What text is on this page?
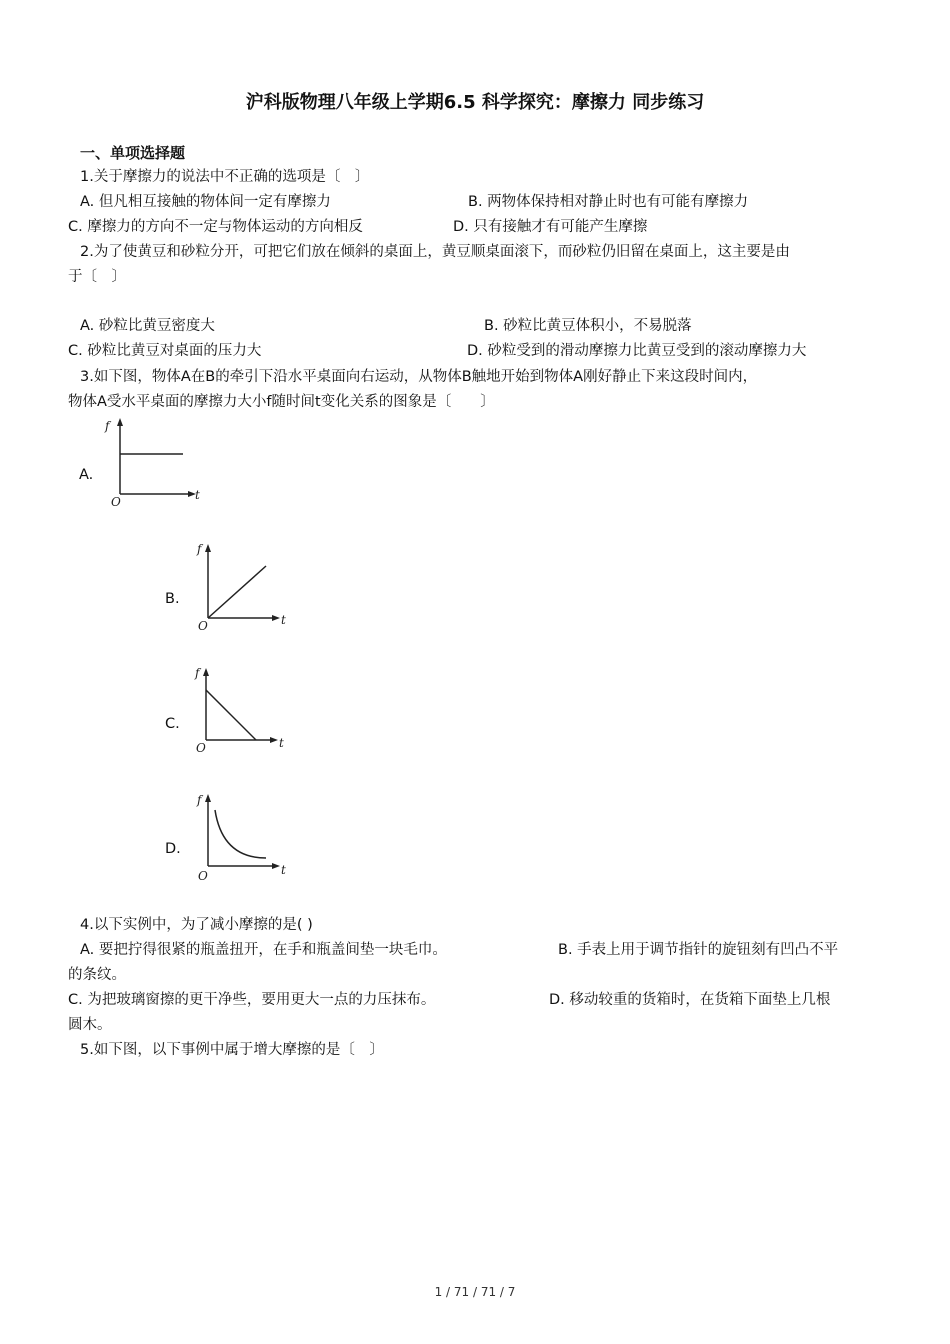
沪科版物理八年级上学期6.5 科学探究：摩擦力 同步练习
一、单项选择题
1.关于摩擦力的说法中不正确的选项是〔　〕
A. 但凡相互接触的物体间一定有摩擦力	B. 两物体保持相对静止时也有可能有摩擦力
C. 摩擦力的方向不一定与物体运动的方向相反	D. 只有接触才有可能产生摩擦
2.为了使黄豆和砂粒分开，可把它们放在倾斜的桌面上，黄豆顺桌面滚下，而砂粒仍旧留在桌面上，这主要是由
于〔　〕
A. 砂粒比黄豆密度大	B. 砂粒比黄豆体积小，不易脱落
C. 砂粒比黄豆对桌面的压力大	D. 砂粒受到的滑动摩擦力比黄豆受到的滚动摩擦力大
3.如下图，物体A在B的牵引下沿水平桌面向右运动，从物体B触地开始到物体A刚好静止下来这段时间内，
物体A受水平桌面的摩擦力大小f随时间t变化关系的图象是〔　　〕
A.
f
t
O
B.
f
t
O
C.
f
t
O
D.
f
t
O
4.以下实例中，为了减小摩擦的是( )
A. 要把拧得很紧的瓶盖扭开，在手和瓶盖间垫一块毛巾。	B. 手表上用于调节指针的旋钮刻有凹凸不平
的条纹。
C. 为把玻璃窗擦的更干净些，要用更大一点的力压抹布。	D. 移动较重的货箱时，在货箱下面垫上几根
圆木。
5.如下图，以下事例中属于增大摩擦的是〔　〕
1 / 71 / 71 / 7
